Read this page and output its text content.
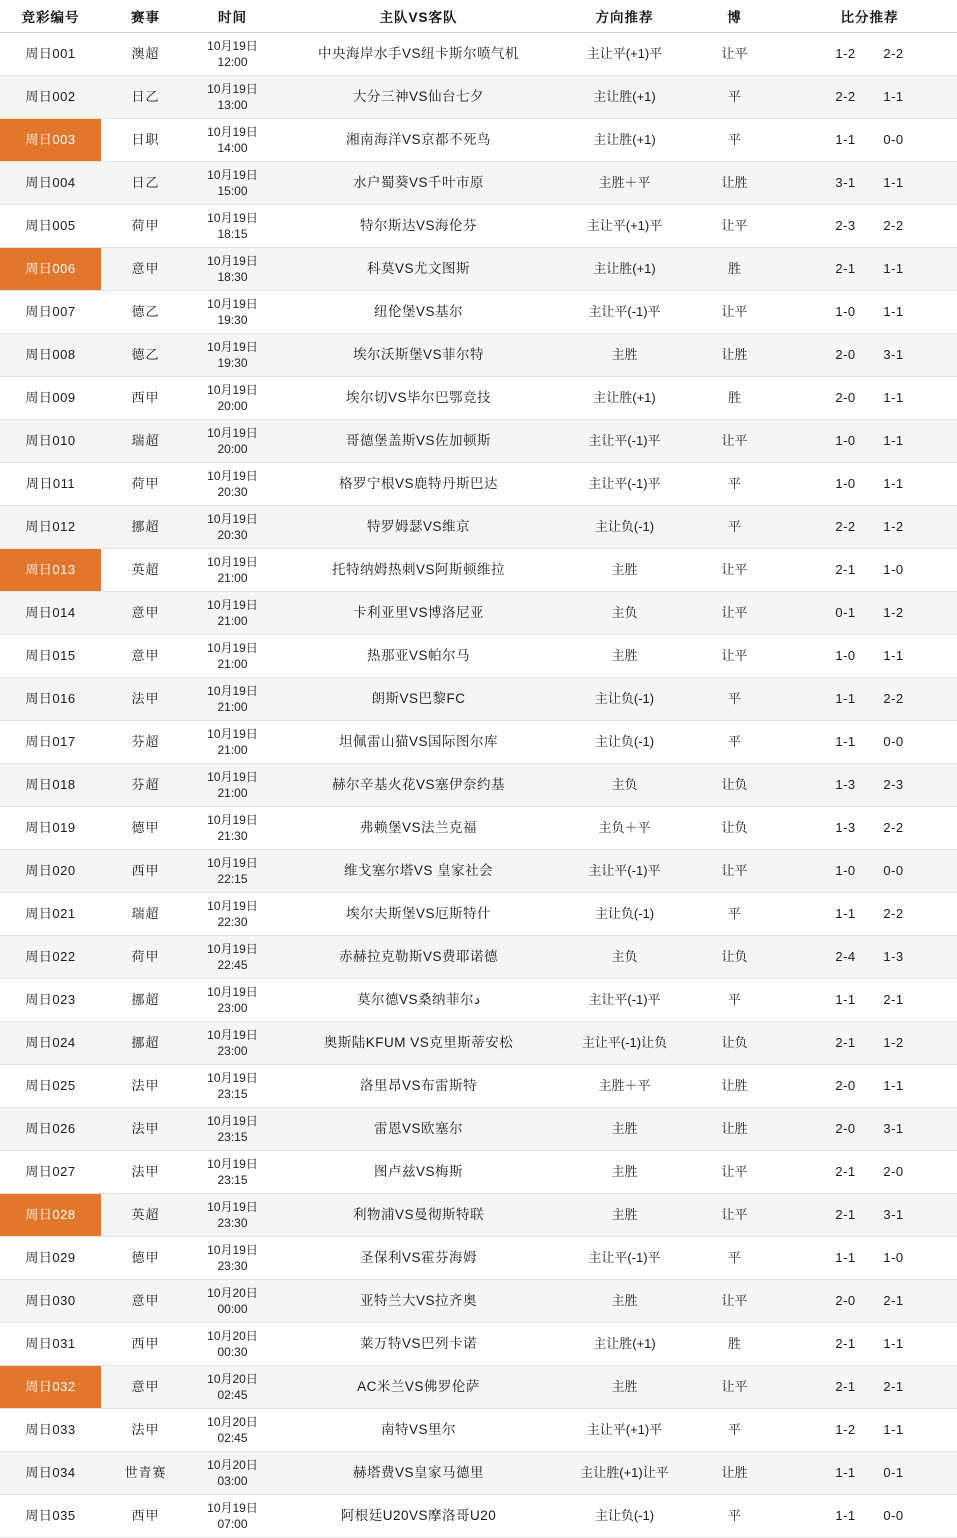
竞彩编号	赛事	时间	主队VS客队	方向推荐	博	比分推荐
周日001	澳超	10月19日
12:00	中央海岸水手VS纽卡斯尔喷气机	主让平(+1)平	让平	1-2 2-2
周日002	日乙	10月19日
13:00	大分三神VS仙台七夕	主让胜(+1)	平	2-2 1-1
周日003	日职	10月19日
14:00	湘南海洋VS京都不死鸟	主让胜(+1)	平	1-1 0-0
周日004	日乙	10月19日
15:00	水户蜀葵VS千叶市原	主胜＋平	让胜	3-1 1-1
周日005	荷甲	10月19日
18:15	特尔斯达VS海伦芬	主让平(+1)平	让平	2-3 2-2
周日006	意甲	10月19日
18:30	科莫VS尤文图斯	主让胜(+1)	胜	2-1 1-1
周日007	德乙	10月19日
19:30	纽伦堡VS基尔	主让平(-1)平	让平	1-0 1-1
周日008	德乙	10月19日
19:30	埃尔沃斯堡VS菲尔特	主胜	让胜	2-0 3-1
周日009	西甲	10月19日
20:00	埃尔切VS毕尔巴鄂竞技	主让胜(+1)	胜	2-0 1-1
周日010	瑞超	10月19日
20:00	哥德堡盖斯VS佐加顿斯	主让平(-1)平	让平	1-0 1-1
周日011	荷甲	10月19日
20:30	格罗宁根VS鹿特丹斯巴达	主让平(-1)平	平	1-0 1-1
周日012	挪超	10月19日
20:30	特罗姆瑟VS维京	主让负(-1)	平	2-2 1-2
周日013	英超	10月19日
21:00	托特纳姆热刺VS阿斯顿维拉	主胜	让平	2-1 1-0
周日014	意甲	10月19日
21:00	卡利亚里VS博洛尼亚	主负	让平	0-1 1-2
周日015	意甲	10月19日
21:00	热那亚VS帕尔马	主胜	让平	1-0 1-1
周日016	法甲	10月19日
21:00	朗斯VS巴黎FC	主让负(-1)	平	1-1 2-2
周日017	芬超	10月19日
21:00	坦佩雷山猫VS国际图尔库	主让负(-1)	平	1-1 0-0
周日018	芬超	10月19日
21:00	赫尔辛基火花VS塞伊奈约基	主负	让负	1-3 2-3
周日019	德甲	10月19日
21:30	弗赖堡VS法兰克福	主负＋平	让负	1-3 2-2
周日020	西甲	10月19日
22:15	维戈塞尔塔VS 皇家社会	主让平(-1)平	让平	1-0 0-0
周日021	瑞超	10月19日
22:30	埃尔夫斯堡VS厄斯特什	主让负(-1)	平	1-1 2-2
周日022	荷甲	10月19日
22:45	赤赫拉克勒斯VS费耶诺德	主负	让负	2-4 1-3
周日023	挪超	10月19日
23:00	莫尔德VS桑纳菲尔د	主让平(-1)平	平	1-1 2-1
周日024	挪超	10月19日
23:00	奥斯陆KFUM VS克里斯蒂安松	主让平(-1)让负	让负	2-1 1-2
周日025	法甲	10月19日
23:15	洛里昂VS布雷斯特	主胜＋平	让胜	2-0 1-1
周日026	法甲	10月19日
23:15	雷恩VS欧塞尔	主胜	让胜	2-0 3-1
周日027	法甲	10月19日
23:15	图卢兹VS梅斯	主胜	让平	2-1 2-0
周日028	英超	10月19日
23:30	利物浦VS曼彻斯特联	主胜	让平	2-1 3-1
周日029	德甲	10月19日
23:30	圣保利VS霍芬海姆	主让平(-1)平	平	1-1 1-0
周日030	意甲	10月20日
00:00	亚特兰大VS拉齐奥	主胜	让平	2-0 2-1
周日031	西甲	10月20日
00:30	莱万特VS巴列卡诺	主让胜(+1)	胜	2-1 1-1
周日032	意甲	10月20日
02:45	AC米兰VS佛罗伦萨	主胜	让平	2-1 2-1
周日033	法甲	10月20日
02:45	南特VS里尔	主让平(+1)平	平	1-2 1-1
周日034	世青赛	10月20日
03:00	赫塔费VS皇家马德里	主让胜(+1)让平	让胜	1-1 0-1
周日035	西甲	10月19日
07:00	阿根廷U20VS摩洛哥U20	主让负(-1)	平	1-1 0-0
